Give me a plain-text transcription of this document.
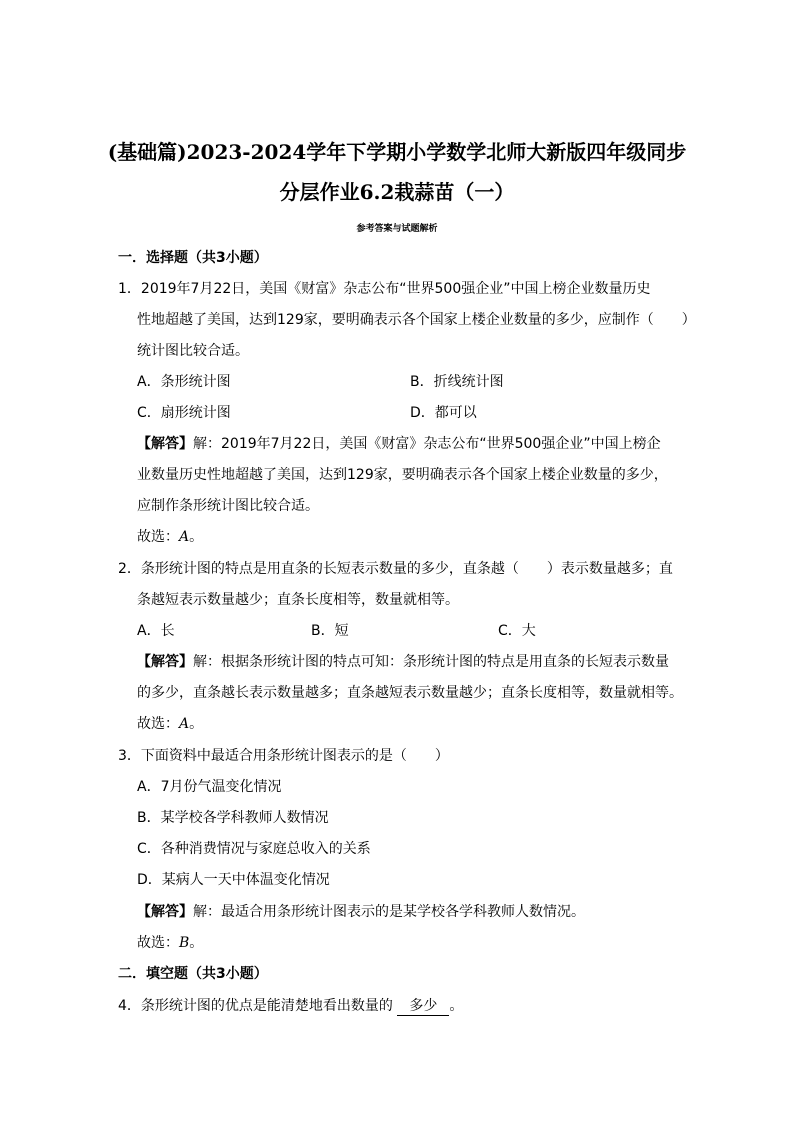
(基础篇)2023-2024学年下学期小学数学北师大新版四年级同步
分层作业6.2栽蒜苗（一）
参考答案与试题解析
一．选择题（共3小题）
1．2019年7月22日，美国《财富》杂志公布“世界500强企业”中国上榜企业数量历史
性地超越了美国，达到129家，要明确表示各个国家上楼企业数量的多少，应制作（　　）
统计图比较合适。
A．条形统计图	B．折线统计图
C．扇形统计图	D．都可以
【解答】解：2019年7月22日，美国《财富》杂志公布“世界500强企业”中国上榜企
业数量历史性地超越了美国，达到129家，要明确表示各个国家上楼企业数量的多少，
应制作条形统计图比较合适。
故选：A。
2．条形统计图的特点是用直条的长短表示数量的多少，直条越（　　）表示数量越多；直
条越短表示数量越少；直条长度相等，数量就相等。
A．长	B．短	C．大
【解答】解：根据条形统计图的特点可知：条形统计图的特点是用直条的长短表示数量
的多少，直条越长表示数量越多；直条越短表示数量越少；直条长度相等，数量就相等。
故选：A。
3．下面资料中最适合用条形统计图表示的是（　　）
A．7月份气温变化情况
B．某学校各学科教师人数情况
C．各种消费情况与家庭总收入的关系
D．某病人一天中体温变化情况
【解答】解：最适合用条形统计图表示的是某学校各学科教师人数情况。
故选：B。
二．填空题（共3小题）
4．条形统计图的优点是能清楚地看出数量的 多少 。
